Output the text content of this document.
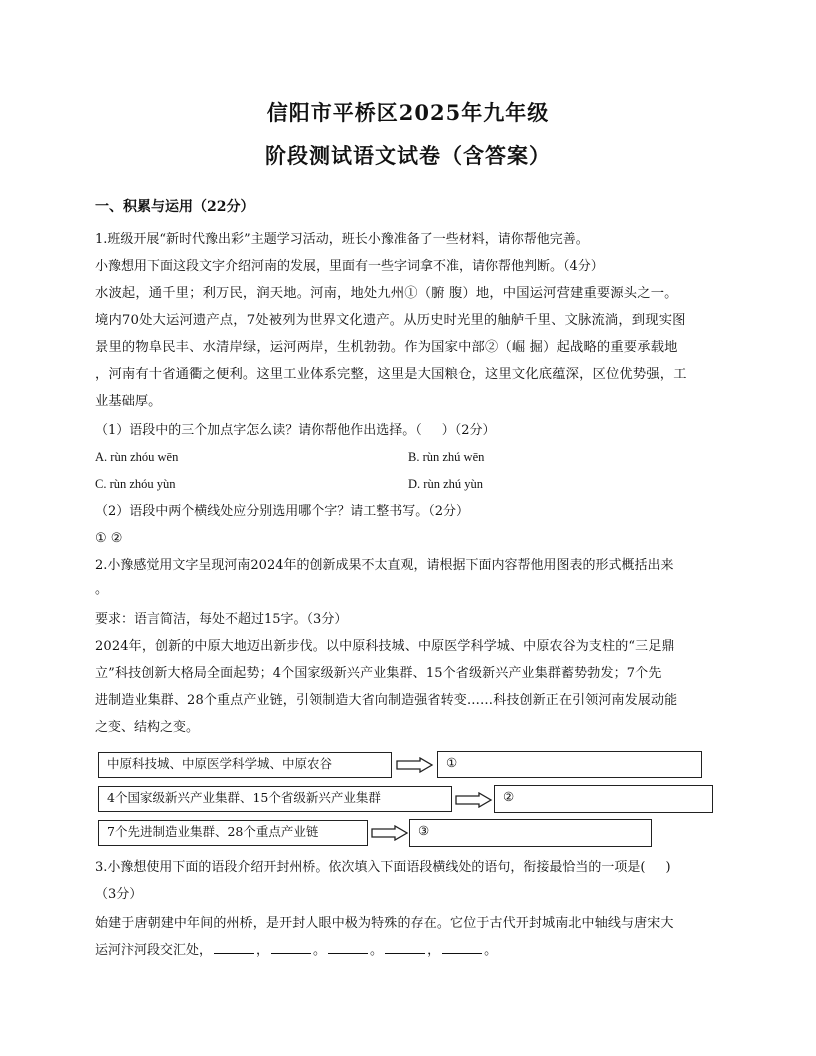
信阳市平桥区2025年九年级
阶段测试语文试卷（含答案）
一、积累与运用（22分）
1.班级开展“新时代豫出彩”主题学习活动，班长小豫准备了一些材料，请你帮他完善。
小豫想用下面这段文字介绍河南的发展，里面有一些字词拿不准，请你帮他判断。（4分）
水波起，通千里；利万民，润天地。河南，地处九州①（腑 腹）地，中国运河营建重要源头之一。
境内70处大运河遗产点，7处被列为世界文化遗产。从历史时光里的舳舻千里、文脉流淌，到现实图
景里的物阜民丰、水清岸绿，运河两岸，生机勃勃。作为国家中部②（崛 掘）起战略的重要承载地
，河南有十省通衢之便利。这里工业体系完整，这里是大国粮仓，这里文化底蕴深，区位优势强，工
业基础厚。
（1）语段中的三个加点字怎么读？请你帮他作出选择。（ ）（2分）
A. rùn zhóu wēn	B. rùn zhú wēn
C. rùn zhóu yùn	D. rùn zhú yùn
（2）语段中两个横线处应分别选用哪个字？请工整书写。（2分）
① ②
2.小豫感觉用文字呈现河南2024年的创新成果不太直观，请根据下面内容帮他用图表的形式概括出来
。
要求：语言简洁，每处不超过15字。（3分）
2024年，创新的中原大地迈出新步伐。以中原科技城、中原医学科学城、中原农谷为支柱的“三足鼎
立”科技创新大格局全面起势；4个国家级新兴产业集群、15个省级新兴产业集群蓄势勃发；7个先
进制造业集群、28个重点产业链，引领制造大省向制造强省转变……科技创新正在引领河南发展动能
之变、结构之变。
中原科技城、中原医学科学城、中原农谷	①
4个国家级新兴产业集群、15个省级新兴产业集群	②
7个先进制造业集群、28个重点产业链	③
3.小豫想使用下面的语段介绍开封州桥。依次填入下面语段横线处的语句，衔接最恰当的一项是( )
（3分）
始建于唐朝建中年间的州桥，是开封人眼中极为特殊的存在。它位于古代开封城南北中轴线与唐宋大
运河汴河段交汇处，	，	。	。	，	。
